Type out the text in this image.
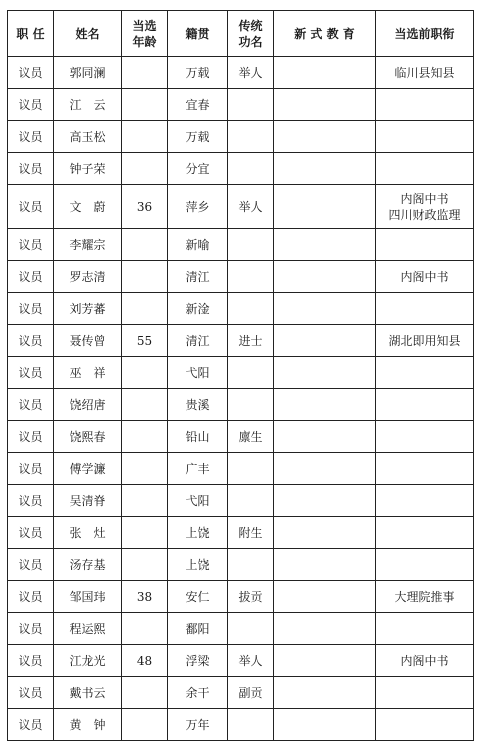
职 任	姓名	当选年龄	籍贯	传统功名	新 式 教 育	当选前职衔
议员	郭同澜		万载	举人		临川县知县

议员	江　云		宜春			
议员	高玉松		万载			
议员	钟子荣		分宜			
议员	文　蔚	36	萍乡	举人		内阁中书
四川财政监理

议员	李耀宗		新喻			
议员	罗志清		清江			内阁中书

议员	刘芳蕃		新淦			
议员	聂传曾	55	清江	进士		湖北即用知县

议员	巫　祥		弋阳			
议员	饶绍唐		贵溪			
议员	饶熙春		铅山	廪生		
议员	傅学濂		广丰			
议员	吴清脊		弋阳			
议员	张　灶		上饶	附生		
议员	汤存基		上饶			
议员	邹国玮	38	安仁	拔贡		大理院推事

议员	程运熙		鄱阳			
议员	江龙光	48	浮梁	举人		内阁中书

议员	戴书云		余干	副贡		
议员	黄　钟		万年			
